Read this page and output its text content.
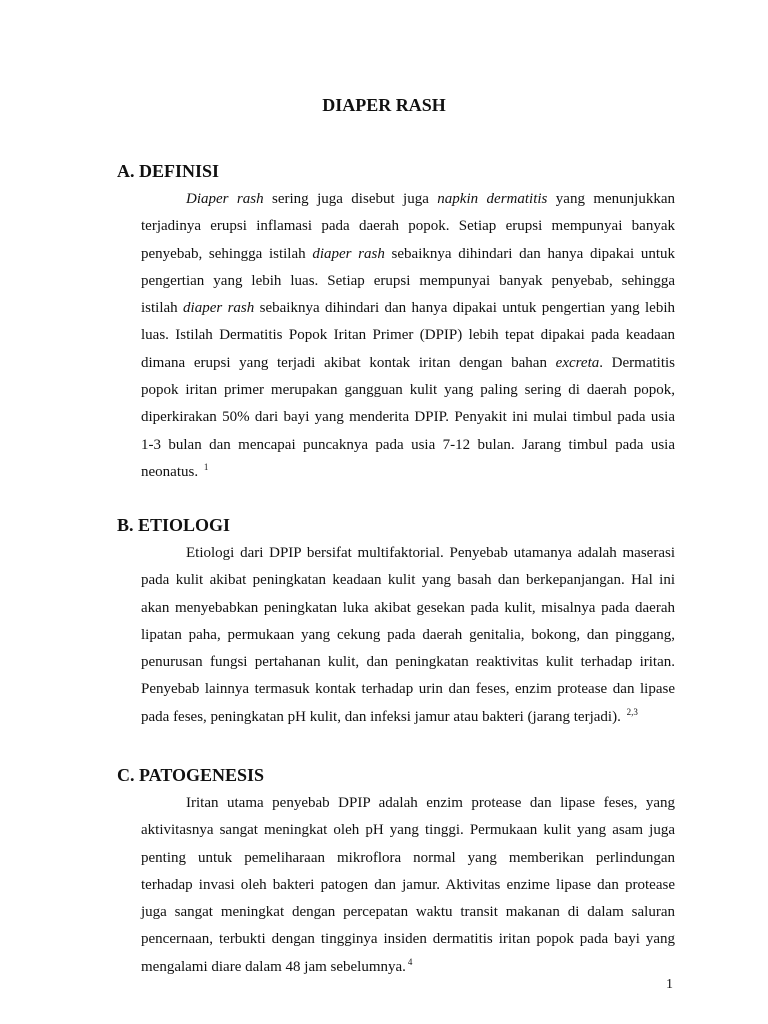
DIAPER RASH
A. DEFINISI
Diaper rash sering juga disebut juga napkin dermatitis yang menunjukkan
terjadinya erupsi inflamasi pada daerah popok. Setiap erupsi mempunyai banyak
penyebab, sehingga istilah diaper rash sebaiknya dihindari dan hanya dipakai untuk
pengertian yang lebih luas. Setiap erupsi mempunyai banyak penyebab, sehingga
istilah diaper rash sebaiknya dihindari dan hanya dipakai untuk pengertian yang lebih
luas. Istilah Dermatitis Popok Iritan Primer (DPIP) lebih tepat dipakai pada keadaan
dimana erupsi yang terjadi akibat kontak iritan dengan bahan excreta. Dermatitis
popok iritan primer merupakan gangguan kulit yang paling sering di daerah popok,
diperkirakan 50% dari bayi yang menderita DPIP. Penyakit ini mulai timbul pada usia
1-3 bulan dan mencapai puncaknya pada usia 7-12 bulan. Jarang timbul pada usia
neonatus. $^1$
B. ETIOLOGI
Etiologi dari DPIP bersifat multifaktorial. Penyebab utamanya adalah maserasi
pada kulit akibat peningkatan keadaan kulit yang basah dan berkepanjangan. Hal ini
akan menyebabkan peningkatan luka akibat gesekan pada kulit, misalnya pada daerah
lipatan paha, permukaan yang cekung pada daerah genitalia, bokong, dan pinggang,
penurusan fungsi pertahanan kulit, dan peningkatan reaktivitas kulit terhadap iritan.
Penyebab lainnya termasuk kontak terhadap urin dan feses, enzim protease dan lipase
pada feses, peningkatan pH kulit, dan infeksi jamur atau bakteri (jarang terjadi). $^{2,3}$
C. PATOGENESIS
Iritan utama penyebab DPIP adalah enzim protease dan lipase feses, yang
aktivitasnya sangat meningkat oleh pH yang tinggi. Permukaan kulit yang asam juga
penting untuk pemeliharaan mikroflora normal yang memberikan perlindungan
terhadap invasi oleh bakteri patogen dan jamur. Aktivitas enzime lipase dan protease
juga sangat meningkat dengan percepatan waktu transit makanan di dalam saluran
pencernaan, terbukti dengan tingginya insiden dermatitis iritan popok pada bayi yang
mengalami diare dalam 48 jam sebelumnya. $^4$
1
